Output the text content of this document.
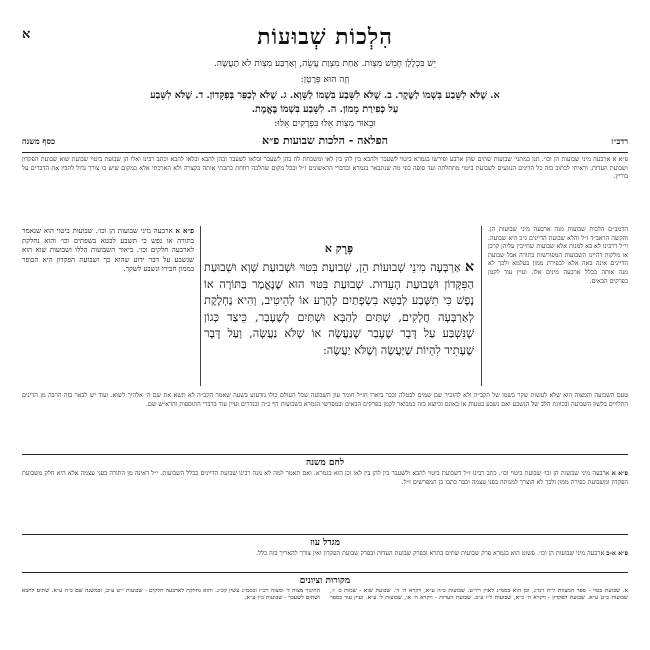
א	הִלְכוֹת שְׁבוּעוֹת
יֵשׁ בִּכְלָלָן חָמֵשׁ מִצְוֹת. אַחַת מִצְוַת עֲשֵׂה, וְאַרְבַּע מִצְוֹת לֹא תַעֲשֶׂה.
וְזֶה הוּא פְּרָטָן:
א. שֶׁלֹּא לִשָּׁבַע בִּשְׁמוֹ לַשֶּׁקֶר. ב. שֶׁלֹּא לִשָּׁבַע בִּשְׁמוֹ לַשָּׁוְא. ג. שֶׁלֹּא לְכַפֵּר בְּפִקָּדוֹן. ד. שֶׁלֹּא לִשָּׁבַע
עַל כְּפִירַת מָמוֹן. ה. לִשָּׁבַע בִּשְׁמוֹ בֶּאֱמֶת.
וּבֵאוּר מִצְוֹת אֵלּוּ בִּפְרָקִים אֵלּוּ:
רדב״ז
הפלאה - הלכות שבועות פ״א
כסף משנה
פ״א א ארבעה מיני שבועות הן וכו׳. תנן במתני׳ שבועות שתים שהן ארבע ופירשו בגמרא ביטוי לשעבר ולהבא בין להן בין לאו ומשכחת לה בהן לשעבר ובלאו לשעבר ובהן להבא ובלאו להבא וכתב רבינו ואלו הן שבועת ביטוי שבועת שוא שבועת הפקדון ושבועת העדות. וראיתי לכתוב בזה כל הדינים הנוגעים לשבועת ביטוי מתחלתה ועד סופה כפי מה שנתבאר בגמרא ובדברי הראשונים ז״ל ובכל מקום שהלכה רווחת כתבתי אותה בקצרה ולא הארכתי אלא במקום שיש בו צורך גדול להבין את הדברים על בוריין.
הרמב״ם הלכות שבועות מנה ארבעה מיני שבועות הן. והקשה הראב״ד ז״ל והלא שבועת הדיינים ג״כ היא שבועה. וי״ל דרבינו לא בא למנות אלא שבועות שחייבין עליהן קרבן או מלקות דהיינו השבועות המפורשות בתורה אבל שבועת הדיינים אינה באה אלא לכפירת ממון בעלמא ולכך לא מנה אותה בכלל ארבעה מינים אלו. ועיין עוד לקמן בפרקים הבאים.
פֶּרֶק א
א אַרְבָּעָה מִינֵי שְׁבוּעוֹת הֵן, שְׁבוּעַת בִּטּוּי וּשְׁבוּעַת שָׁוְא וּשְׁבוּעַת הַפִּקָּדוֹן וּשְׁבוּעַת הָעֵדוּת. שְׁבוּעַת בִּטּוּי הוּא שֶׁנֶּאֱמַר בַּתּוֹרָה אוֹ נֶפֶשׁ כִּי תִשָּׁבַע לְבַטֵּא בִשְׂפָתַיִם לְהָרַע אוֹ לְהֵיטִיב, וְהִיא נֶחְלֶקֶת לְאַרְבָּעָה חֲלָקִים, שְׁתַּיִם לְהַבָּא וּשְׁתַּיִם לְשֶׁעָבַר, כֵּיצַד כְּגוֹן שֶׁנִּשְׁבַּע עַל דָּבָר שֶׁעָבַר שֶׁנַּעֲשָׂה אוֹ שֶׁלֹּא נַעֲשָׂה, וְעַל דָּבָר שֶׁעָתִיד לִהְיוֹת שֶׁיַּעֲשֶׂה וְשֶׁלֹּא יַעֲשֶׂה:
פ״א א ארבעה מיני שבועות הן וכו׳. שבועות ביטוי הוא שנאמר בתורה או נפש כי תשבע לבטא בשפתים וכו׳ והוא נחלקת לארבעה חלקים וכו׳. ביאור השבועות הללו ושבועות שוא הוא שנשבע על דבר ידוע שהוא כך ושבועת הפקדון היא הכופר בממון חבירו ונשבע לשקר.
טעם השבועה והמצוה הוא שלא לעשות שקר בשמו של הקב״ה ולא להזכיר שם שמים לבטלה וכבר ביארו חז״ל חומר עון השבועה שכל העולם כולו נזדעזע בשעה שאמר הקב״ה לא תשא את שם ה׳ אלהיך לשוא. ועוד יש לבאר בזה הרבה מן הדינים התלויים בלשון השבועה ובכוונת הלב של הנשבע ואם נשבע בטעות או באונס וכיוצא בזה כמבואר לקמן בפרקים הבאים ובמפרשי הגמרא בשבועות דף כ״ה ובנדרים ועיין עוד בדברי התוספות והרא״ש שם.
לחם משנה
פ״א א ארבעה מיני שבועות הן וכו׳ שבועת ביטוי וכו׳. כתב רבינו ז״ל דשבועת ביטוי להבא ולשעבר בין להן בין לאו וכן הוא בגמרא. ואם תאמר למה לא מנה רבינו שבועת הדיינים בכלל השבועות. י״ל דאינה מן התורה בפני עצמה אלא היא חלק משבועת הפקדון ומשבועת כפירת ממון ולכך לא הוצרך למנותה בפני עצמה וכבר כתבו כן המפרשים ז״ל.
מגדל עוז
פ״א א-ב ארבעה מיני שבועות הן וכו׳. פשוט הוא בגמרא פרק שבועות שתים בתרא ובפרק שבועת העדות ובפרק שבועת הפקדון ואין צורך להאריך בזה כלל.
מקורות וציונים
א. שבועת בטוי - ספר המצוות ל״ת רמ״ג, וכן הוא בסמ״ג לאוין רל״ט. שבועות כ״ה ע״א, ויקרא ה׳ ד׳. שבועת שוא - שמות כ׳ ז׳, שבועות כ״ט ע״א. שבועת הפקדון - ויקרא ה׳ כ״א, שבועות ל״ו ע״ב. שבועת העדות - ויקרא ה׳ א׳, שבועות ל׳ ע״א. ועיין עוד בספר החינוך מצוה ל׳ ומצוה רכ״ז ובסמ״ג עשין קכ״ג. והוא נחלקת לארבעה חלקים - שבועות י״ט ע״ב, ובמשנה שם כ״ה ע״א. שתים להבא ושתים לשעבר - שבועות כ״ז ע״א.
